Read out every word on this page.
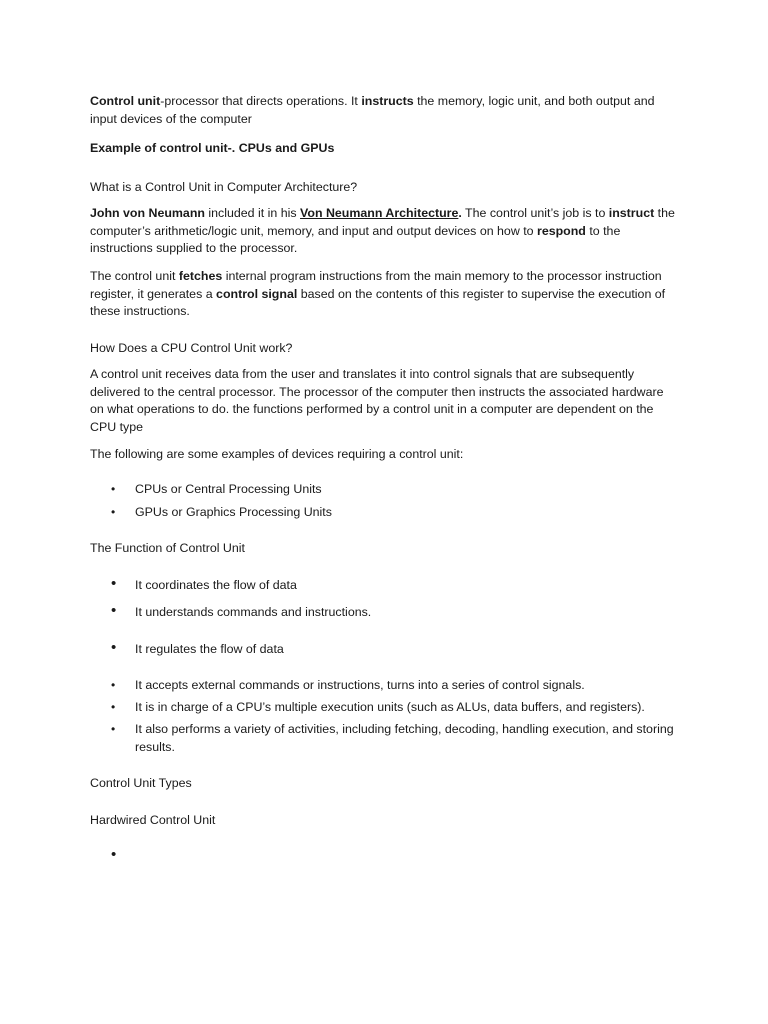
Control unit-processor that directs operations. It instructs the memory, logic unit, and both output and input devices of the computer

Example of control unit-. CPUs and GPUs

What is a Control Unit in Computer Architecture?

John von Neumann included it in his Von Neumann Architecture. The control unit’s job is to instruct the computer’s arithmetic/logic unit, memory, and input and output devices on how to respond to the instructions supplied to the processor.

The control unit fetches internal program instructions from the main memory to the processor instruction register, it generates a control signal based on the contents of this register to supervise the execution of these instructions.

How Does a CPU Control Unit work?

A control unit receives data from the user and translates it into control signals that are subsequently delivered to the central processor. The processor of the computer then instructs the associated hardware on what operations to do. the functions performed by a control unit in a computer are dependent on the CPU type

The following are some examples of devices requiring a control unit:

• CPUs or Central Processing Units
• GPUs or Graphics Processing Units

The Function of Control Unit

• It coordinates the flow of data
• It understands commands and instructions.
• It regulates the flow of data
• It accepts external commands or instructions, turns into a series of control signals.
• It is in charge of a CPU’s multiple execution units (such as ALUs, data buffers, and registers).
• It also performs a variety of activities, including fetching, decoding, handling execution, and storing results.

Control Unit Types

Hardwired Control Unit

•
